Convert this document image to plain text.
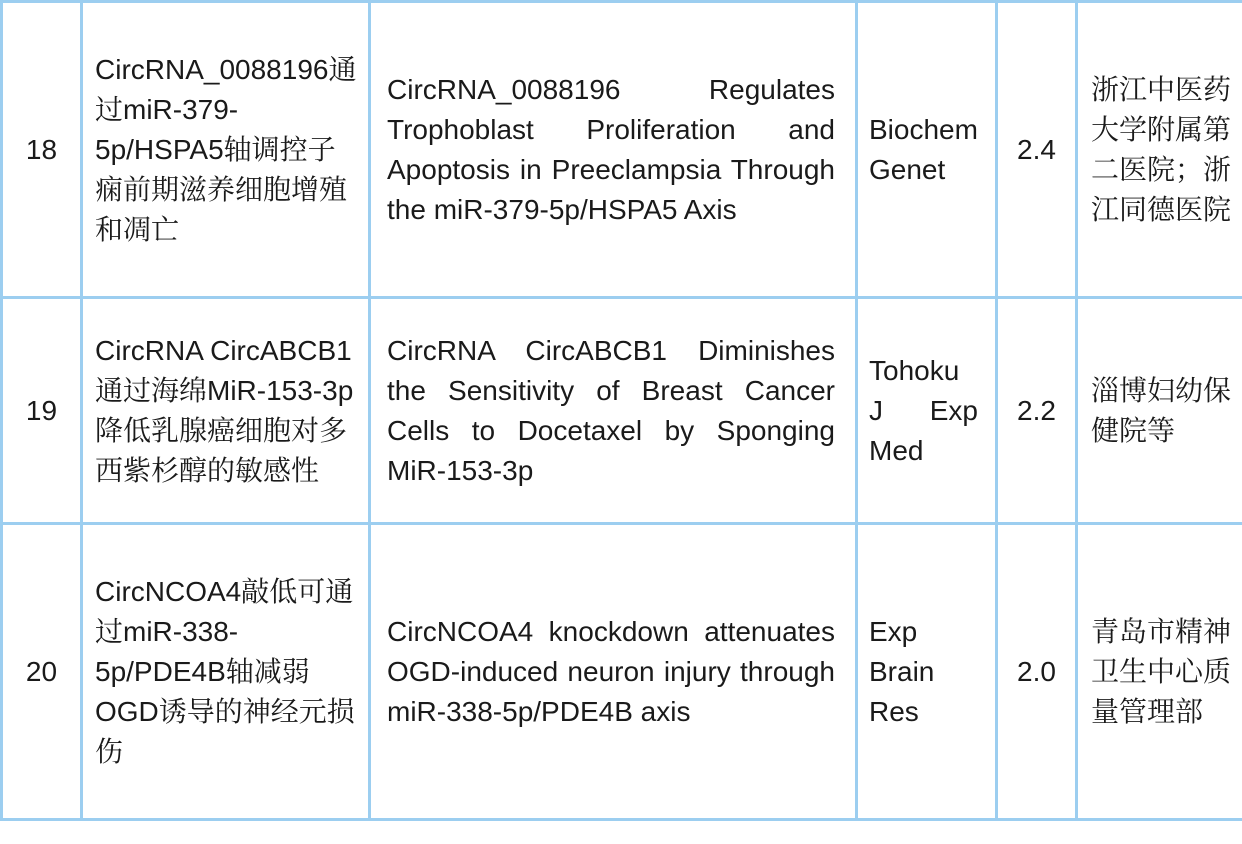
18	CircRNA_0088196通过miR-379-5p/HSPA5轴调控子痫前期滋养细胞增殖和凋亡	CircRNA_0088196 Regulates Trophoblast Proliferation and Apoptosis in Preeclampsia Through the miR-379-5p/HSPA5 Axis	Biochem Genet	2.4	浙江中医药大学附属第二医院；浙江同德医院
19	CircRNA CircABCB1通过海绵MiR-153-3p降低乳腺癌细胞对多西紫杉醇的敏感性	CircRNA CircABCB1 Diminishes the Sensitivity of Breast Cancer Cells to Docetaxel by Sponging MiR-153-3p	Tohoku J Exp Med	2.2	淄博妇幼保健院等
20	CircNCOA4敲低可通过miR-338-5p/PDE4B轴减弱OGD诱导的神经元损伤	CircNCOA4 knockdown attenuates OGD-induced neuron injury through miR-338-5p/PDE4B axis	Exp Brain Res	2.0	青岛市精神卫生中心质量管理部
